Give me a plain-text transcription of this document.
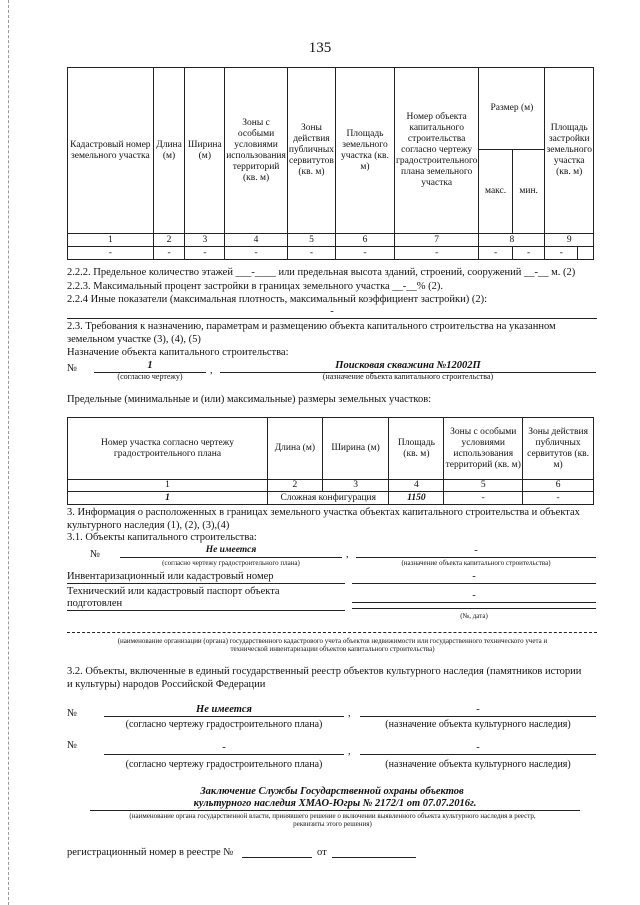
135
Кадастровый номер земельного участка	Длина (м)	Ширина (м)	Зоны с особыми условиями использования территорий (кв. м)	Зоны действия публичных сервитутов (кв. м)	Площадь земельного участка (кв. м)	Номер объекта капитального строительства согласно чертежу градостроительного плана земельного участка	Размер (м)		Площадь застройки земельного участка (кв. м)	
							макс.	мин.		
1	2	3	4	5	6	7	8		9	
-	-	-	-	-	-	-	-	-	-	
2.2.2. Предельное количество этажей ___-____ или предельная высота зданий, строений, сооружений __-__ м. (2)
2.2.3. Максимальный процент застройки в границах земельного участка __-__% (2).
2.2.4 Иные показатели (максимальная плотность, максимальный коэффициент застройки) (2):
-
2.3. Требования к назначению, параметрам и размещению объекта капитального строительства на указанном
земельном участке (3), (4), (5)
Назначение объекта капитального строительства:
№	1	,	Поисковая скважина №12002П
(согласно чертежу)	(назначение объекта капитального строительства)
Предельные (минимальные и (или) максимальные) размеры земельных участков:
Номер участка согласно чертежу градостроительного плана	Длина (м)	Ширина (м)	Площадь (кв. м)	Зоны с особыми условиями использования территорий (кв. м)	Зоны действия публичных сервитутов (кв. м)
1	2	3	4	5	6
1	Сложная конфигурация		1150	-	-
3. Информация о расположенных в границах земельного участка объектах капитального строительства и объектах
культурного наследия (1), (2), (3),(4)
3.1. Объекты капитального строительства:
№	Не имеется	,	-
(согласно чертежу градостроительного плана)	(назначение объекта капитального строительства)
Инвентаризационный или кадастровый номер	-
Технический или кадастровый паспорт объекта
подготовлен
-
(№, дата)
(наименование организации (органа) государственного кадастрового учета объектов недвижимости или государственного технического учета и
технической инвентаризации объектов капитального строительства)
3.2. Объекты, включенные в единый государственный реестр объектов культурного наследия (памятников истории
и культуры) народов Российской Федерации
№	Не имеется	,	-
(согласно чертежу градостроительного плана)	(назначение объекта культурного наследия)
№	-	,	-
(согласно чертежу градостроительного плана)	(назначение объекта культурного наследия)
Заключение Службы Государственной охраны объектов
культурного наследия ХМАО-Югры № 2172/1 от 07.07.2016г.
(наименование органа государственной власти, принявшего решение о включении выявленного объекта культурного наследия в реестр,
реквизиты этого решения)
регистрационный номер в реестре №	от
